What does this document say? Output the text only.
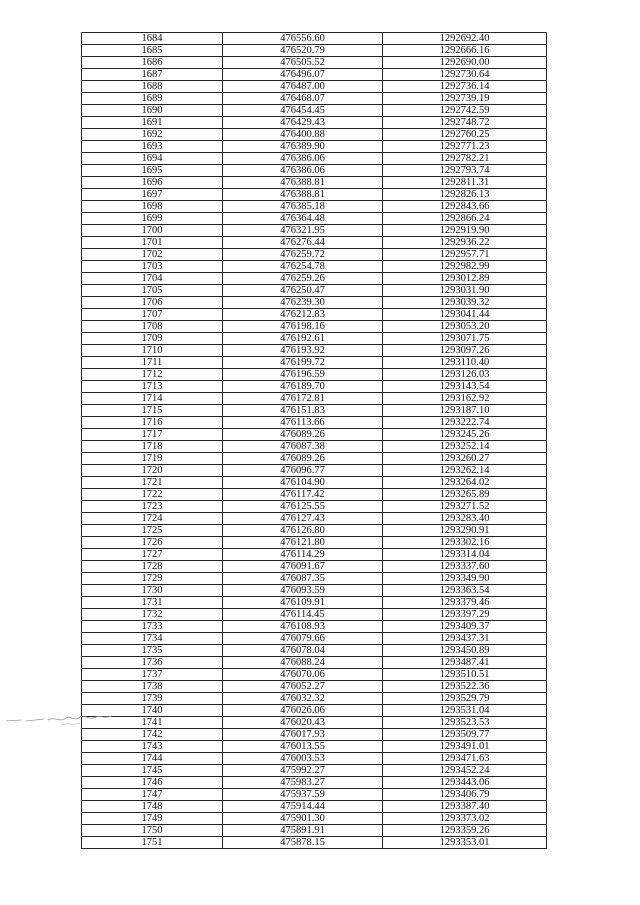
1684	476556.60	1292692.40
1685	476520.79	1292666.16
1686	476505.52	1292690.00
1687	476496.07	1292730.64
1688	476487.00	1292736.14
1689	476468.07	1292739.19
1690	476454.45	1292742.59
1691	476429.43	1292748.72
1692	476400.88	1292760.25
1693	476389.90	1292771.23
1694	476386.06	1292782.21
1695	476386.06	1292793.74
1696	476388.81	1292811.31
1697	476388.81	1292826.13
1698	476385.18	1292843.66
1699	476364.48	1292866.24
1700	476321.95	1292919.90
1701	476276.44	1292936.22
1702	476259.72	1292957.71
1703	476254.78	1292982.99
1704	476259.26	1293012.89
1705	476250.47	1293031.90
1706	476239.30	1293039.32
1707	476212.83	1293041.44
1708	476198.16	1293053.20
1709	476192.61	1293071.75
1710	476193.92	1293097.26
1711	476199.72	1293110.40
1712	476196.59	1293126.03
1713	476189.70	1293143.54
1714	476172.81	1293162.92
1715	476151.83	1293187.10
1716	476113.66	1293222.74
1717	476089.26	1293245.26
1718	476087.38	1293252.14
1719	476089.26	1293260.27
1720	476096.77	1293262.14
1721	476104.90	1293264.02
1722	476117.42	1293265.89
1723	476125.55	1293271.52
1724	476127.43	1293283.40
1725	476126.80	1293290.91
1726	476121.80	1293302.16
1727	476114.29	1293314.04
1728	476091.67	1293337.60
1729	476087.35	1293349.90
1730	476093.59	1293363.54
1731	476109.91	1293379.46
1732	476114.45	1293397.29
1733	476108.93	1293409.37
1734	476079.66	1293437.31
1735	476078.04	1293450.89
1736	476088.24	1293487.41
1737	476070.06	1293510.51
1738	476052.27	1293522.36
1739	476032.32	1293529.79
1740	476026.06	1293531.04
1741	476020.43	1293523.53
1742	476017.93	1293509.77
1743	476013.55	1293491.01
1744	476003.53	1293471.63
1745	475992.27	1293452.24
1746	475983.27	1293443.06
1747	475937.59	1293406.79
1748	475914.44	1293387.40
1749	475901.30	1293373.02
1750	475891.91	1293359.26
1751	475878.15	1293353.01
